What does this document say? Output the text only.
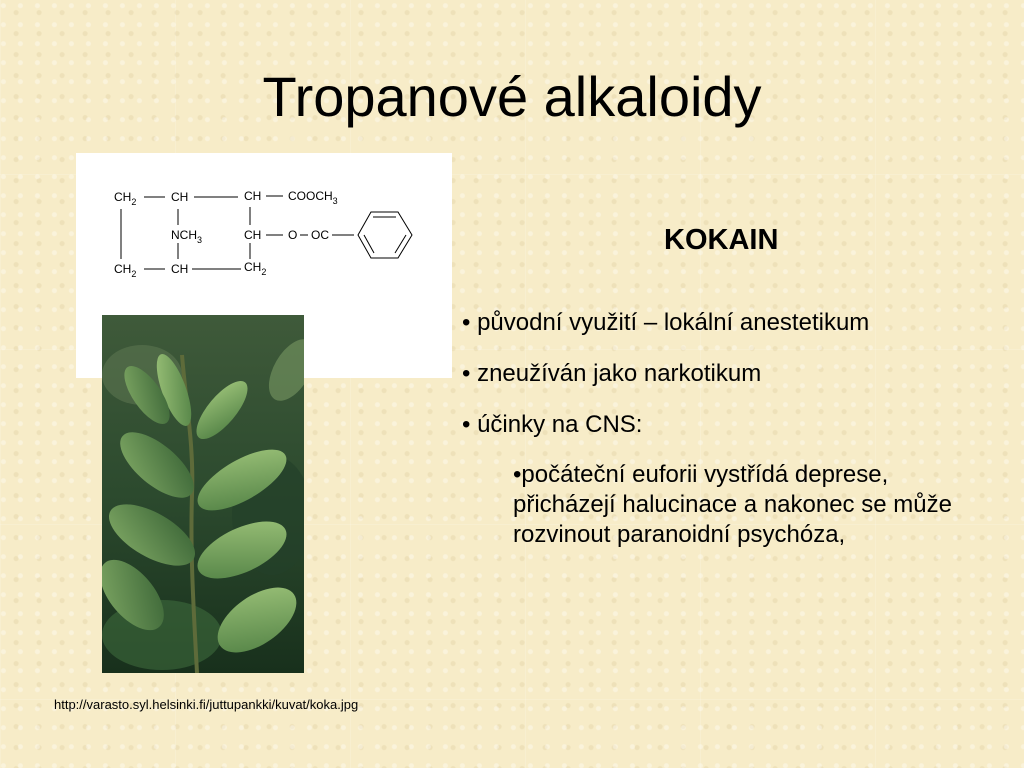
Tropanové alkaloidy
$CH_2$	CH	CH $COOCH_3$
$NCH_3$	CH O OC
$CH_2$	CH	$CH_2$
KOKAIN
• původní využití – lokální anestetikum
• zneužíván jako narkotikum
• účinky na CNS:
•počáteční euforii vystřídá deprese, přicházejí halucinace a nakonec se může rozvinout paranoidní psychóza,
http://varasto.syl.helsinki.fi/juttupankki/kuvat/koka.jpg
